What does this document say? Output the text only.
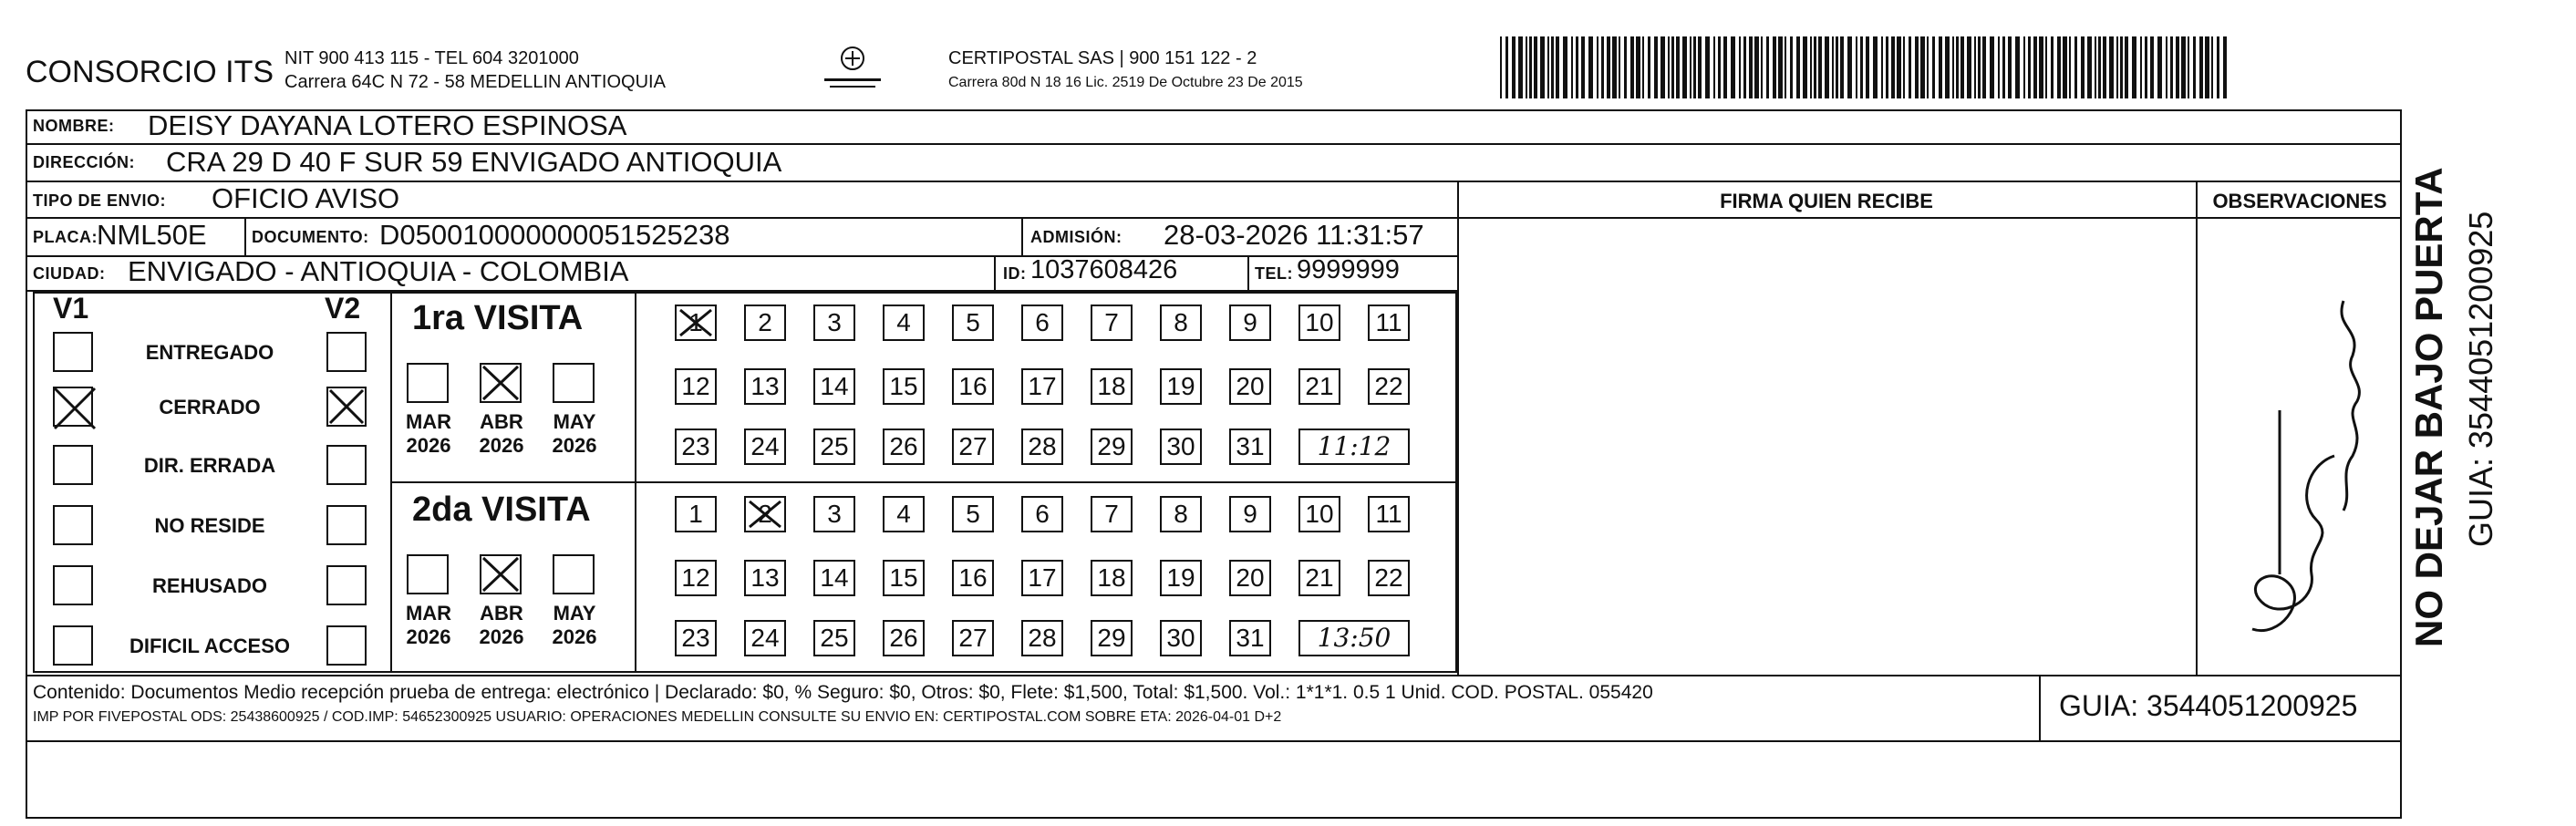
CONSORCIO ITS NIT 900 413 115 - TEL 604 3201000
Carrera 64C N 72 - 58 MEDELLIN ANTIOQUIA
CERTIPOSTAL SAS | 900 151 122 - 2
Carrera 80d N 18 16 Lic. 2519 De Octubre 23 De 2015
NOMBRE: DEISY DAYANA LOTERO ESPINOSA
DIRECCIÓN: CRA 29 D 40 F SUR 59 ENVIGADO ANTIOQUIA
TIPO DE ENVIO: OFICIO AVISO	FIRMA QUIEN RECIBE	OBSERVACIONES
PLACA: NML50E	DOCUMENTO: D050010000000051525238	ADMISIÓN: 28-03-2026 11:31:57
CIUDAD: ENVIGADO - ANTIOQUIA - COLOMBIA	ID: 1037608426	TEL: 9999999
V1	V2
ENTREGADO
CERRADO
DIR. ERRADA
NO RESIDE
REHUSADO
DIFICIL ACCESO
1ra VISITA
MAR
2026
ABR
2026
MAY
2026
1	2	3	4	5	6	7	8	9	10	11
12 13 14 15 16 17 18 19 20 21 22
23 24 25 26 27 28 29 30 31	11:12
2da VISITA
MAR
2026
ABR
2026
MAY
2026
1	2	3	4	5	6	7	8	9	10	11
12 13 14 15 16 17 18 19 20 21 22
23 24 25 26 27 28 29 30 31	13:50
Contenido: Documentos Medio recepción prueba de entrega: electrónico | Declarado: $0, % Seguro: $0, Otros: $0, Flete: $1,500, Total: $1,500. Vol.: 1*1*1. 0.5 1 Unid. COD. POSTAL. 055420
IMP POR FIVEPOSTAL ODS: 25438600925 / COD.IMP: 54652300925 USUARIO: OPERACIONES MEDELLIN CONSULTE SU ENVIO EN: CERTIPOSTAL.COM SOBRE ETA: 2026-04-01 D+2	GUIA: 3544051200925
NO DEJAR BAJO PUERTA GUIA: 3544051200925
